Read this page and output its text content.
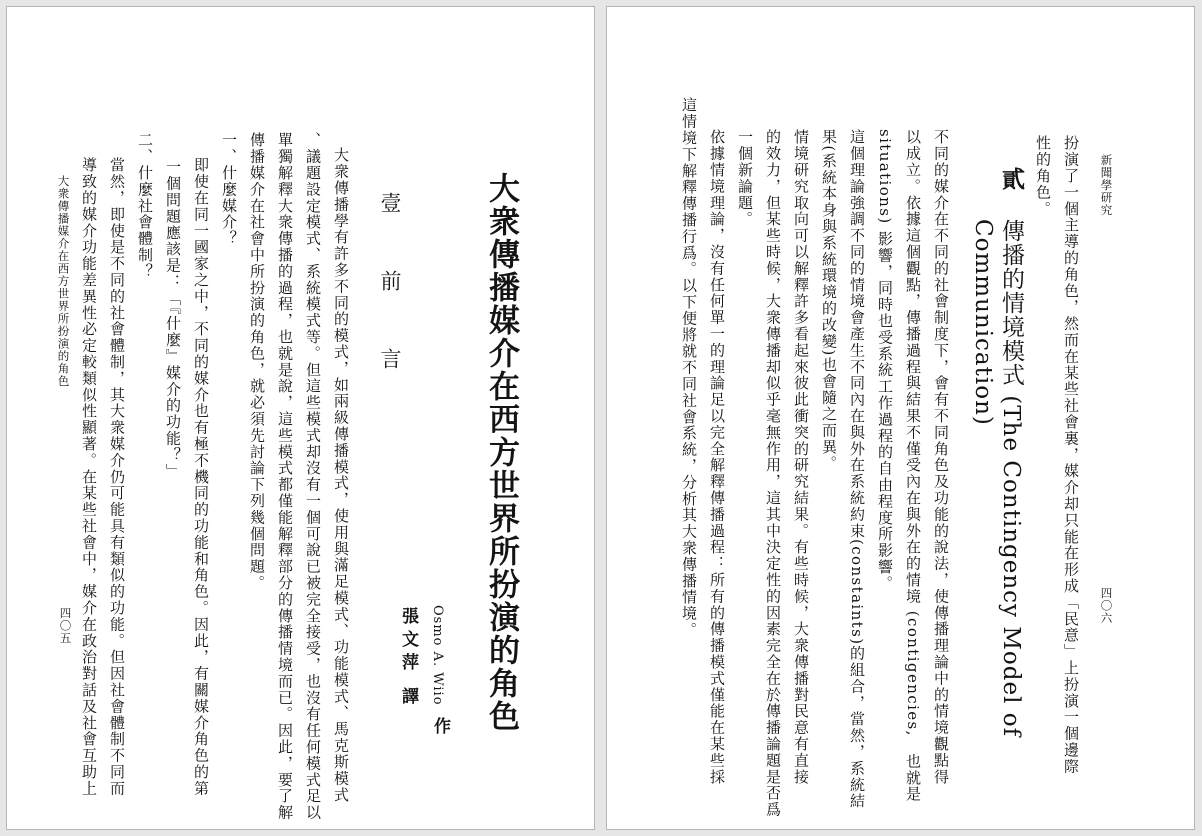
大衆傳播媒介在西方世界所扮演的角色
Osmo A. Wiio
作
張文萍
譯
壹　前　言
大衆傳播學有許多不同的模式，如兩級傳播模式，使用與滿足模式、功能模式、馬克斯模式
、議題設定模式、系統模式等。但這些模式却沒有一個可說已被完全接受，也沒有任何模式足以
單獨解釋大衆傳播的過程，也就是說，這些模式都僅能解釋部分的傳播情境而已。因此，要了解
傳播媒介在社會中所扮演的角色，就必須先討論下列幾個問題。
一、什麼媒介？
即使在同一國家之中，不同的媒介也有極不機同的功能和角色。因此，有關媒介角色的第
一個問題應該是：「『什麼』媒介的功能？」
二、什麼社會體制？
當然，即使是不同的社會體制，其大衆媒介仍可能具有類似的功能。但因社會體制不同而
導致的媒介功能差異性必定較類似性顯著。在某些社會中，媒介在政治對話及社會互助上
大衆傳播媒介在西方世界所扮演的角色
四〇五
新聞學研究
四〇六
扮演了一個主導的角色，然而在某些社會裏，媒介却只能在形成「民意」上扮演一個邊際
性的角色。
貳
傳播的情境模式 (The Contingency Model of
Communication)
不同的媒介在不同的社會制度下，會有不同角色及功能的說法，使傳播理論中的情境觀點得
以成立。依據這個觀點，傳播過程與結果不僅受內在與外在的情境 (contigencies,　也就是
situations) 影響，同時也受系統工作過程的自由程度所影響。
這個理論強調不同的情境會產生不同內在與外在系統約束(constaints)的組合，當然，系統結
果(系統本身與系統環境的改變)也會隨之而異。
情境研究取向可以解釋許多看起來彼此衝突的研究結果。有些時候，大衆傳播對民意有直接
的效力，但某些時候，大衆傳播却似乎毫無作用，這其中決定性的因素完全在於傳播論題是否爲
一個新論題。
依據情境理論，沒有任何單一的理論足以完全解釋傳播過程：所有的傳播模式僅能在某些採
這情境下解釋傳播行爲。以下便將就不同社會系統，分析其大衆傳播情境。
